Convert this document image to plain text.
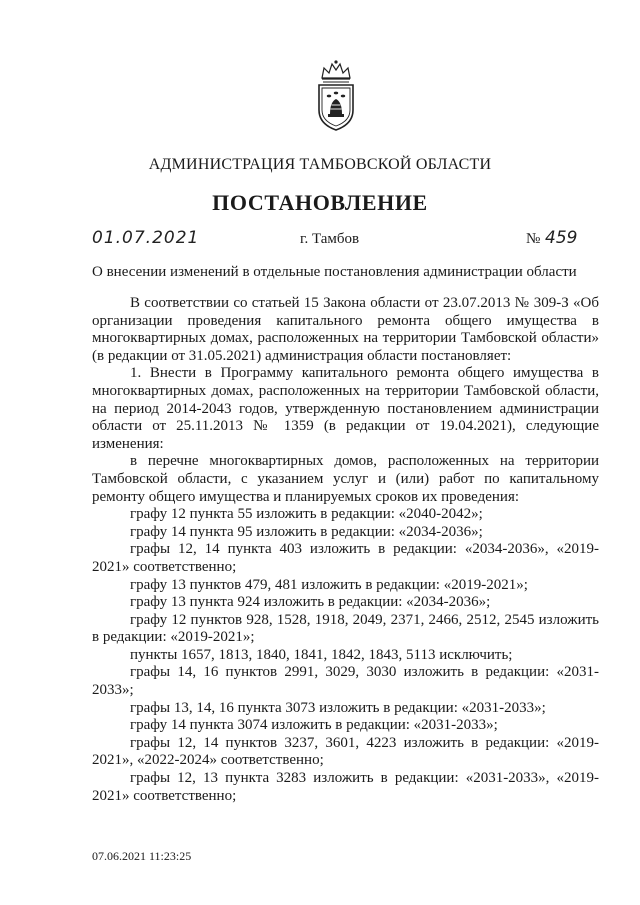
АДМИНИСТРАЦИЯ ТАМБОВСКОЙ ОБЛАСТИ
ПОСТАНОВЛЕНИЕ
01.07.2021	г. Тамбов	№ 459
О внесении изменений в отдельные постановления администрации области

В соответствии со статьей 15 Закона области от 23.07.2013 № 309-З «Об организации проведения капитального ремонта общего имущества в многоквартирных домах, расположенных на территории Тамбовской области» (в редакции от 31.05.2021) администрация области постановляет:

1. Внести в Программу капитального ремонта общего имущества в многоквартирных домах, расположенных на территории Тамбовской области, на период 2014-2043 годов, утвержденную постановлением администрации области от 25.11.2013 № 1359 (в редакции от 19.04.2021), следующие изменения:

в перечне многоквартирных домов, расположенных на территории Тамбовской области, с указанием услуг и (или) работ по капитальному ремонту общего имущества и планируемых сроков их проведения:

графу 12 пункта 55 изложить в редакции: «2040-2042»;

графу 14 пункта 95 изложить в редакции: «2034-2036»;

графы 12, 14 пункта 403 изложить в редакции: «2034-2036», «2019-2021» соответственно;

графу 13 пунктов 479, 481 изложить в редакции: «2019-2021»;

графу 13 пункта 924 изложить в редакции: «2034-2036»;

графу 12 пунктов 928, 1528, 1918, 2049, 2371, 2466, 2512, 2545 изложить в редакции: «2019-2021»;

пункты 1657, 1813, 1840, 1841, 1842, 1843, 5113 исключить;

графы 14, 16 пунктов 2991, 3029, 3030 изложить в редакции: «2031-2033»;

графы 13, 14, 16 пункта 3073 изложить в редакции: «2031-2033»;

графу 14 пункта 3074 изложить в редакции: «2031-2033»;

графы 12, 14 пунктов 3237, 3601, 4223 изложить в редакции: «2019-2021», «2022-2024» соответственно;

графы 12, 13 пункта 3283 изложить в редакции: «2031-2033», «2019-2021» соответственно;

07.06.2021 11:23:25
